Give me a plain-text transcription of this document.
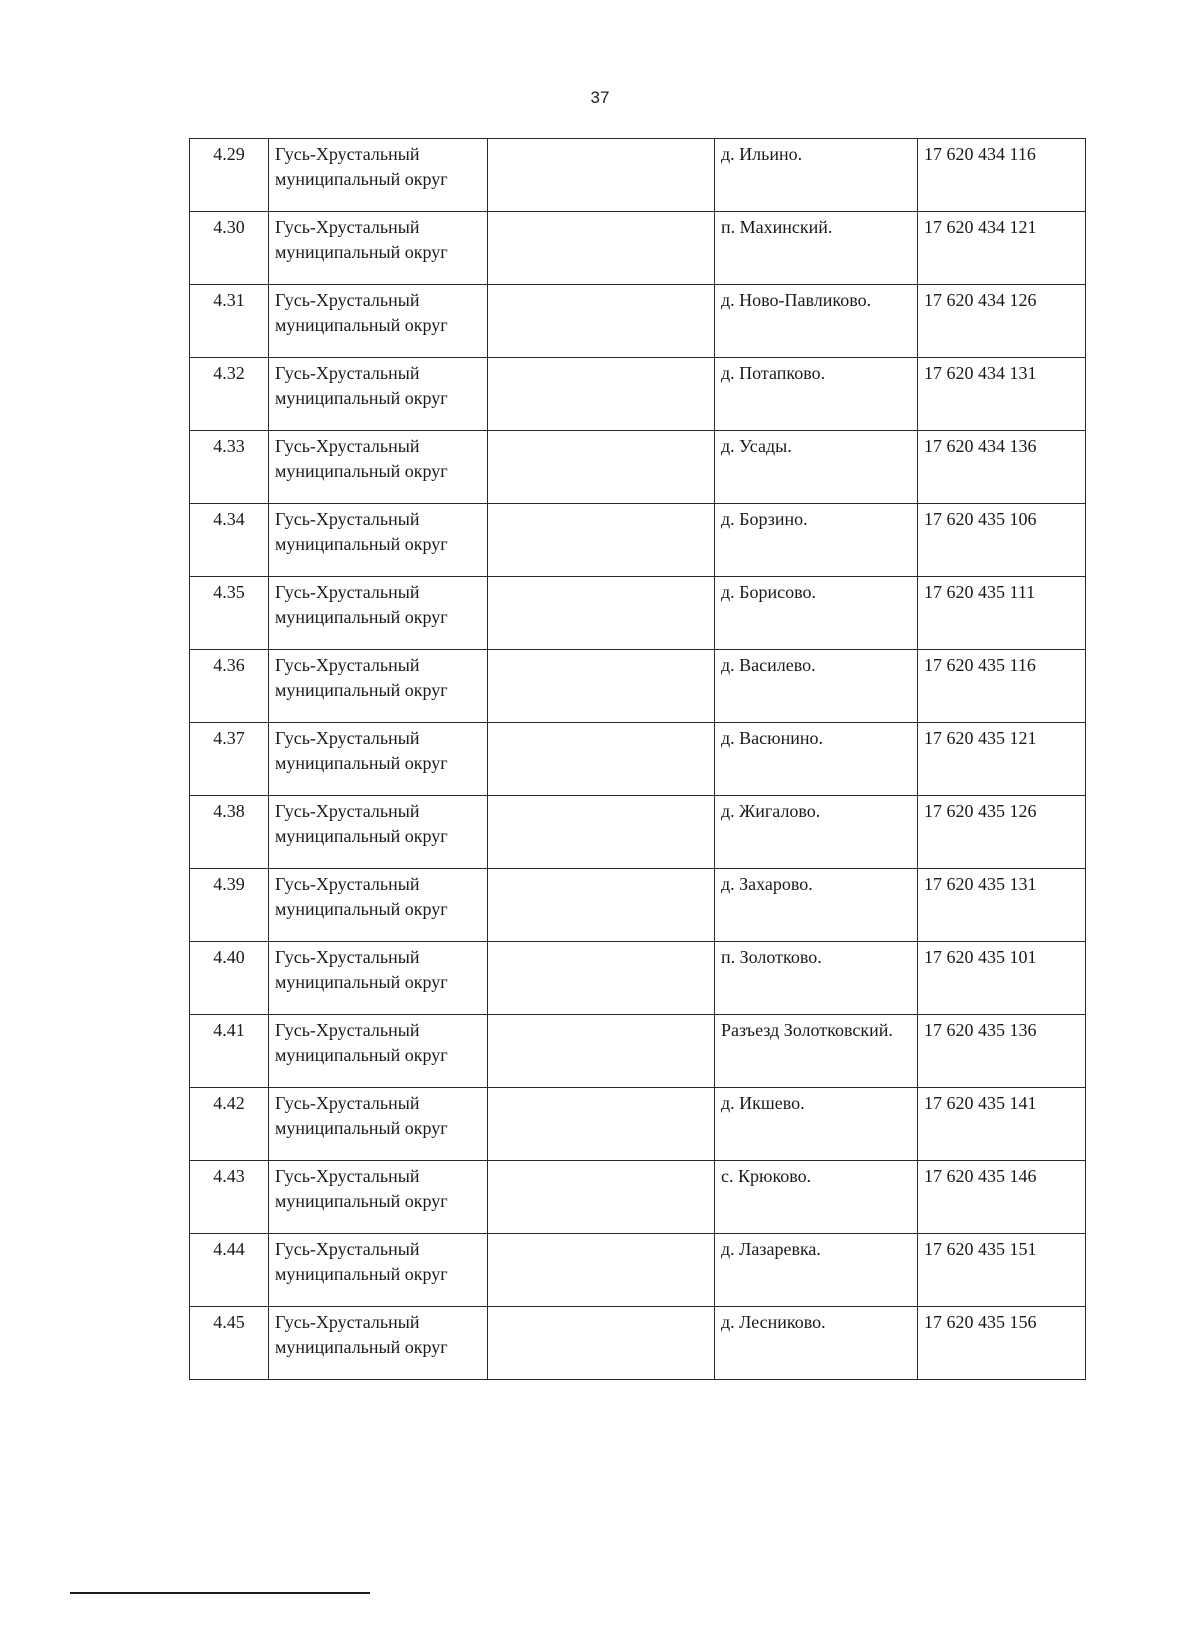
37
4.29	Гусь-Хрустальный муниципальный округ		д. Ильино.	17 620 434 116
4.30	Гусь-Хрустальный муниципальный округ		п. Махинский.	17 620 434 121
4.31	Гусь-Хрустальный муниципальный округ		д. Ново-Павликово.	17 620 434 126
4.32	Гусь-Хрустальный муниципальный округ		д. Потапково.	17 620 434 131
4.33	Гусь-Хрустальный муниципальный округ		д. Усады.	17 620 434 136
4.34	Гусь-Хрустальный муниципальный округ		д. Борзино.	17 620 435 106
4.35	Гусь-Хрустальный муниципальный округ		д. Борисово.	17 620 435 111
4.36	Гусь-Хрустальный муниципальный округ		д. Василево.	17 620 435 116
4.37	Гусь-Хрустальный муниципальный округ		д. Васюнино.	17 620 435 121
4.38	Гусь-Хрустальный муниципальный округ		д. Жигалово.	17 620 435 126
4.39	Гусь-Хрустальный муниципальный округ		д. Захарово.	17 620 435 131
4.40	Гусь-Хрустальный муниципальный округ		п. Золотково.	17 620 435 101
4.41	Гусь-Хрустальный муниципальный округ		Разъезд Золотковский.	17 620 435 136
4.42	Гусь-Хрустальный муниципальный округ		д. Икшево.	17 620 435 141
4.43	Гусь-Хрустальный муниципальный округ		с. Крюково.	17 620 435 146
4.44	Гусь-Хрустальный муниципальный округ		д. Лазаревка.	17 620 435 151
4.45	Гусь-Хрустальный муниципальный округ		д. Лесниково.	17 620 435 156
